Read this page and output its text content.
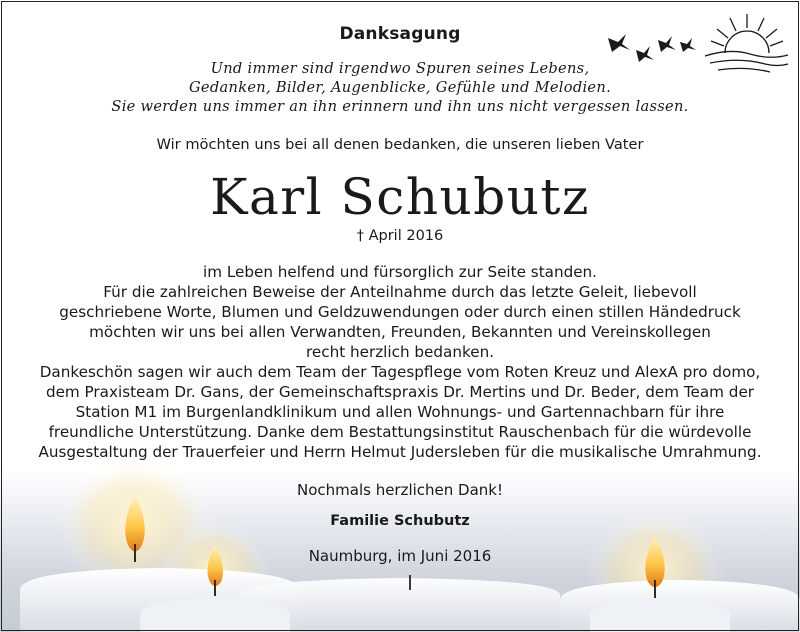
Danksagung
Und immer sind irgendwo Spuren seines Lebens,
Gedanken, Bilder, Augenblicke, Gefühle und Melodien.
Sie werden uns immer an ihn erinnern und ihn uns nicht vergessen lassen.
Wir möchten uns bei all denen bedanken, die unseren lieben Vater
Karl Schubutz
† April 2016
im Leben helfend und fürsorglich zur Seite standen.
Für die zahlreichen Beweise der Anteilnahme durch das letzte Geleit, liebevoll
geschriebene Worte, Blumen und Geldzuwendungen oder durch einen stillen Händedruck
möchten wir uns bei allen Verwandten, Freunden, Bekannten und Vereinskollegen
recht herzlich bedanken.
Dankeschön sagen wir auch dem Team der Tagespflege vom Roten Kreuz und AlexA pro domo,
dem Praxisteam Dr. Gans, der Gemeinschaftspraxis Dr. Mertins und Dr. Beder, dem Team der
Station M1 im Burgenlandklinikum und allen Wohnungs- und Gartennachbarn für ihre
freundliche Unterstützung. Danke dem Bestattungsinstitut Rauschenbach für die würdevolle
Ausgestaltung der Trauerfeier und Herrn Helmut Judersleben für die musikalische Umrahmung.
Nochmals herzlichen Dank!
Familie Schubutz
Naumburg, im Juni 2016
